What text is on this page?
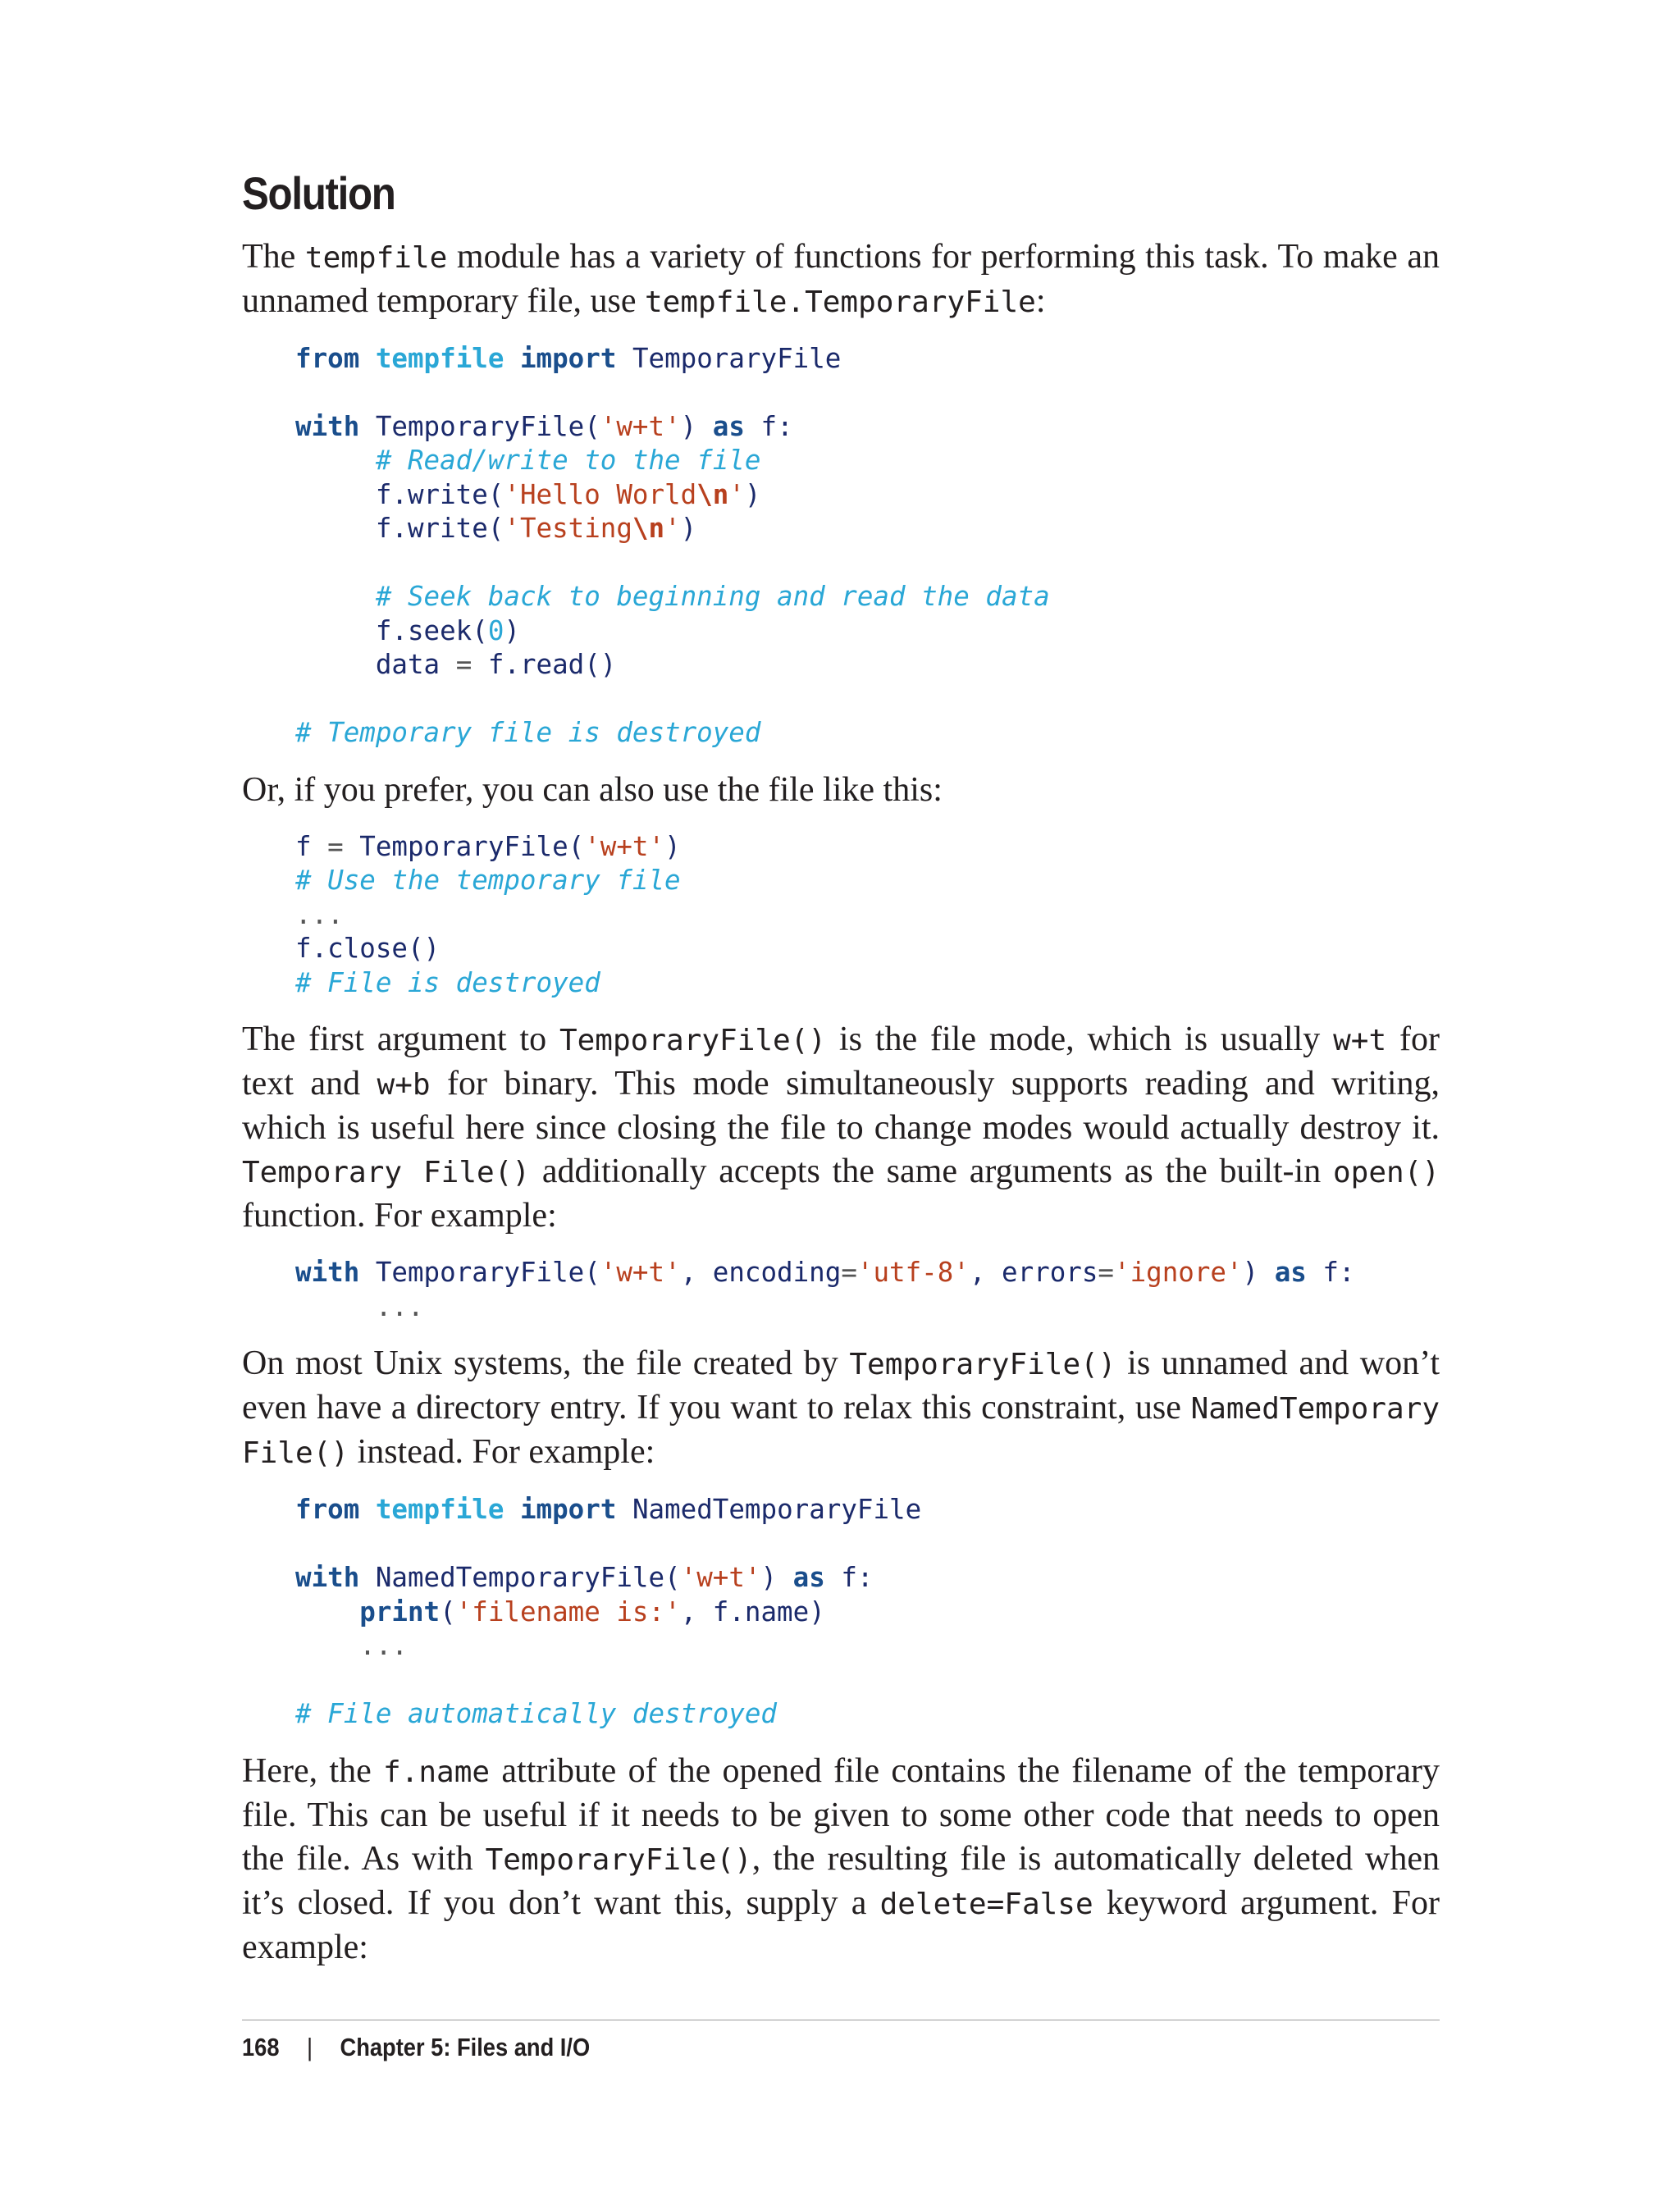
Solution

The tempfile module has a variety of functions for performing this task. To make an unnamed temporary file, use tempfile.TemporaryFile:

from tempfile import TemporaryFile

with TemporaryFile('w+t') as f:
# Read/write to the file
f.write('Hello World\n')
f.write('Testing\n')

# Seek back to beginning and read the data
f.seek(0)
data = f.read()

# Temporary file is destroyed

Or, if you prefer, you can also use the file like this:

f = TemporaryFile('w+t')
# Use the temporary file
...
f.close()
# File is destroyed

The first argument to TemporaryFile() is the file mode, which is usually w+t for text and w+b for binary. This mode simultaneously supports reading and writing, which is useful here since closing the file to change modes would actually destroy it. Temporary File() additionally accepts the same arguments as the built-in open() function. For example:

with TemporaryFile('w+t', encoding='utf-8', errors='ignore') as f:
...

On most Unix systems, the file created by TemporaryFile() is unnamed and won’t even have a directory entry. If you want to relax this constraint, use NamedTemporary File() instead. For example:

from tempfile import NamedTemporaryFile

with NamedTemporaryFile('w+t') as f:
print('filename is:', f.name)
...

# File automatically destroyed

Here, the f.name attribute of the opened file contains the filename of the temporary file. This can be useful if it needs to be given to some other code that needs to open the file. As with TemporaryFile(), the resulting file is automatically deleted when it’s closed. If you don’t want this, supply a delete=False keyword argument. For example:

168 | Chapter 5: Files and I/O
